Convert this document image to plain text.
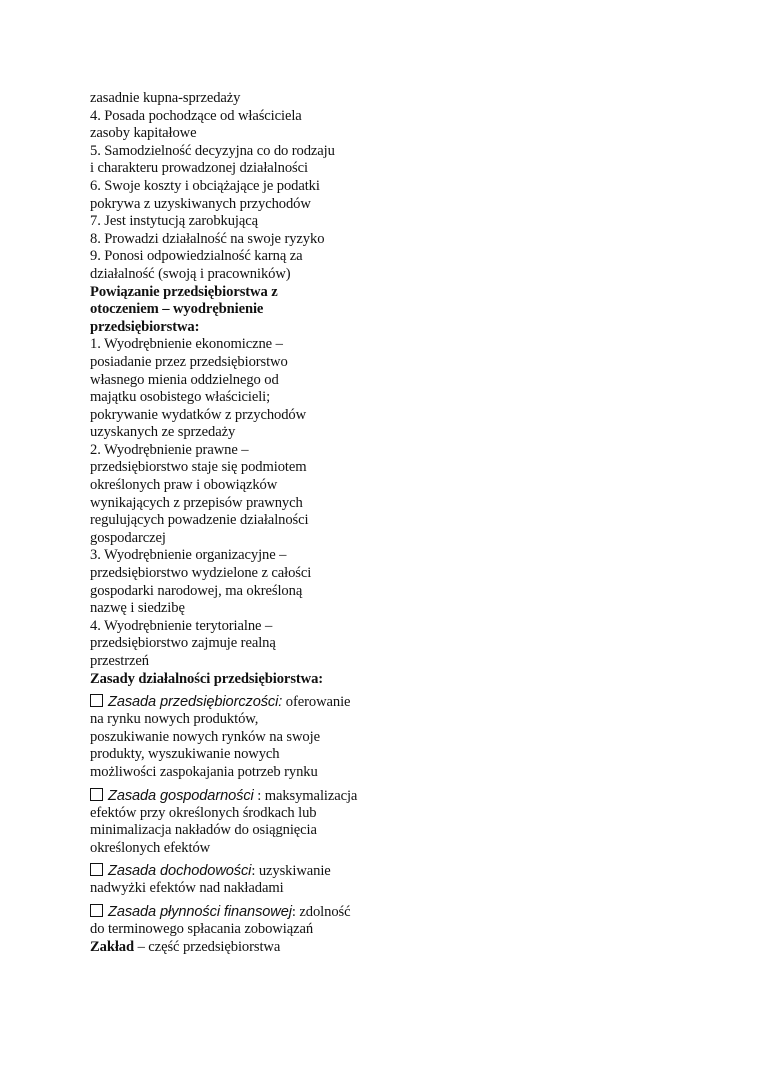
zasadnie kupna-sprzedaży
4. Posada pochodzące od właściciela
zasoby kapitałowe
5. Samodzielność decyzyjna co do rodzaju
i charakteru prowadzonej działalności
6. Swoje koszty i obciążające je podatki
pokrywa z uzyskiwanych przychodów
7. Jest instytucją zarobkującą
8. Prowadzi działalność na swoje ryzyko
9. Ponosi odpowiedzialność karną za
działalność (swoją i pracowników)
Powiązanie przedsiębiorstwa z
otoczeniem – wyodrębnienie
przedsiębiorstwa:
1. Wyodrębnienie ekonomiczne –
posiadanie przez przedsiębiorstwo
własnego mienia oddzielnego od
majątku osobistego właścicieli;
pokrywanie wydatków z przychodów
uzyskanych ze sprzedaży
2. Wyodrębnienie prawne –
przedsiębiorstwo staje się podmiotem
określonych praw i obowiązków
wynikających z przepisów prawnych
regulujących powadzenie działalności
gospodarczej
3. Wyodrębnienie organizacyjne –
przedsiębiorstwo wydzielone z całości
gospodarki narodowej, ma określoną
nazwę i siedzibę
4. Wyodrębnienie terytorialne –
przedsiębiorstwo zajmuje realną
przestrzeń
Zasady działalności przedsiębiorstwa:
Zasada przedsiębiorczości: oferowanie
na rynku nowych produktów,
poszukiwanie nowych rynków na swoje
produkty, wyszukiwanie nowych
możliwości zaspokajania potrzeb rynku
Zasada gospodarności : maksymalizacja
efektów przy określonych środkach lub
minimalizacja nakładów do osiągnięcia
określonych efektów
Zasada dochodowości: uzyskiwanie
nadwyżki efektów nad nakładami
Zasada płynności finansowej: zdolność
do terminowego spłacania zobowiązań
Zakład – część przedsiębiorstwa
